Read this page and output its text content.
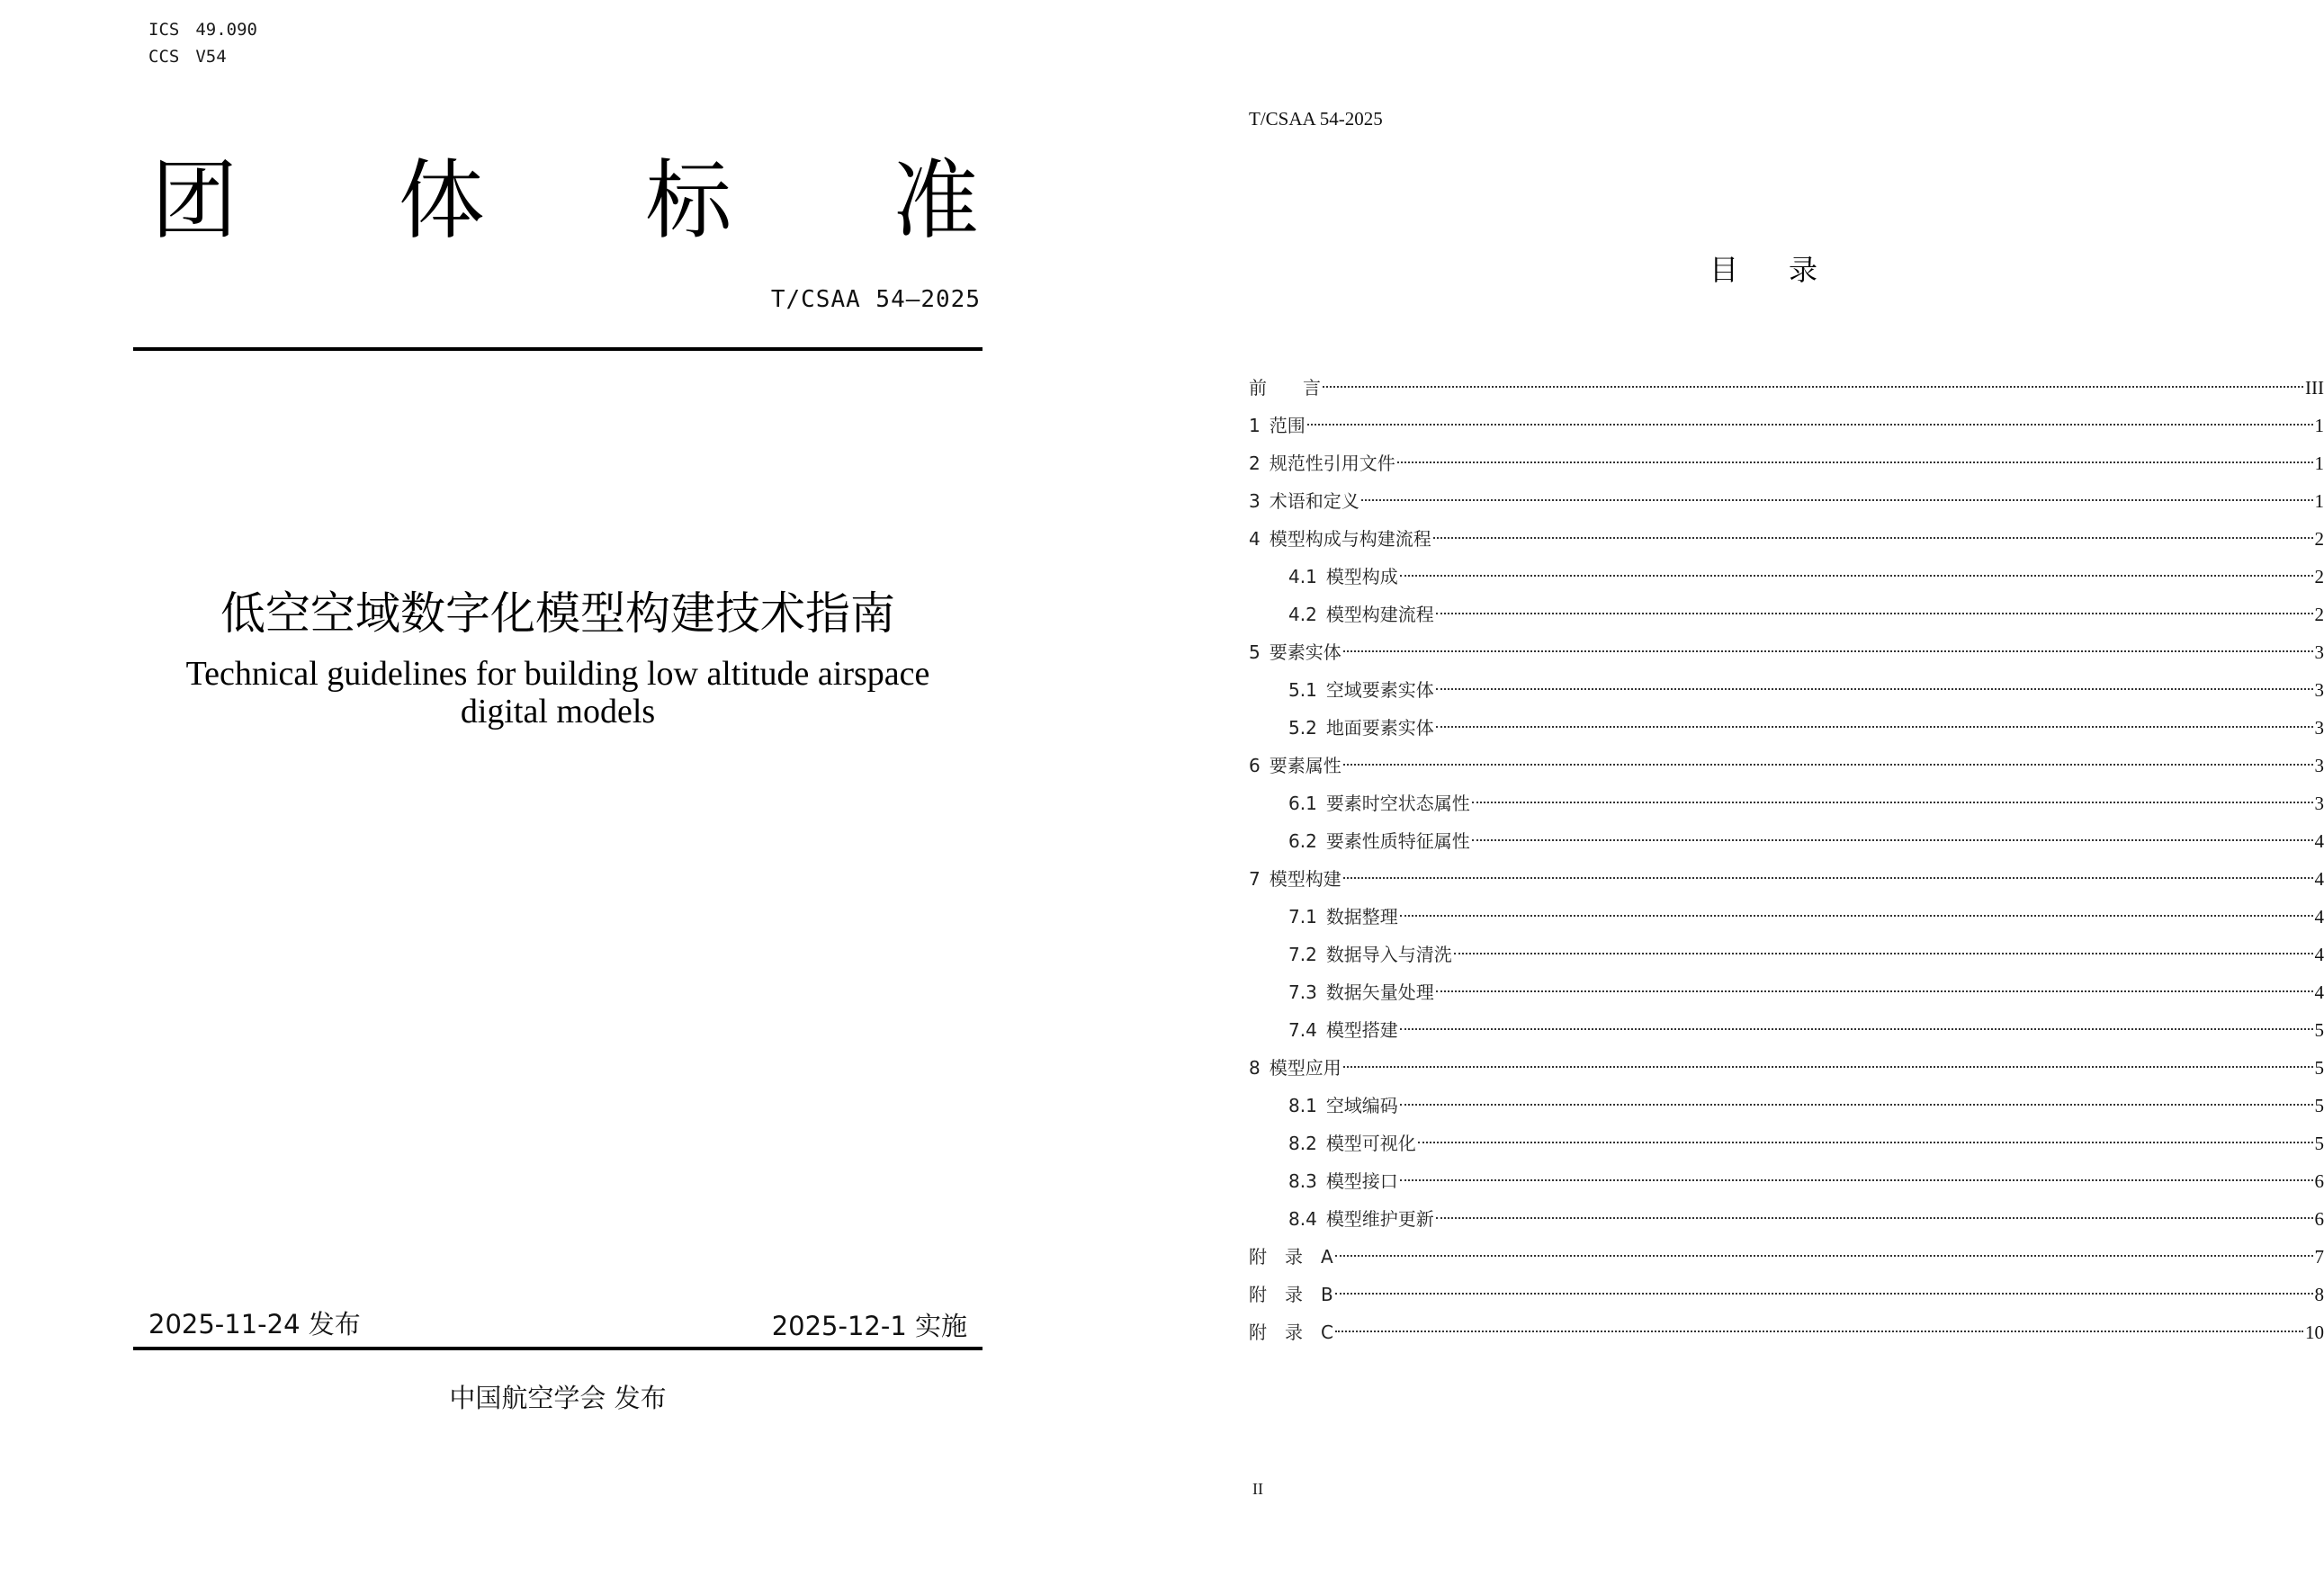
ICS 49.090
CCS V54
团 体 标 准
T/CSAA 54—2025
低空空域数字化模型构建技术指南
Technical guidelines for building low altitude airspace
digital models
2025-11-24 发布	2025-12-1 实施
中国航空学会 发布
T/CSAA 54-2025
目 录
前　　言	III
1 范围	1
2 规范性引用文件	1
3 术语和定义	1
4 模型构成与构建流程	2
4.1 模型构成	2
4.2 模型构建流程	2
5 要素实体	3
5.1 空域要素实体	3
5.2 地面要素实体	3
6 要素属性	3
6.1 要素时空状态属性	3
6.2 要素性质特征属性	4
7 模型构建	4
7.1 数据整理	4
7.2 数据导入与清洗	4
7.3 数据矢量处理	4
7.4 模型搭建	5
8 模型应用	5
8.1 空域编码	5
8.2 模型可视化	5
8.3 模型接口	6
8.4 模型维护更新	6
附 录 A	7
附 录 B	8
附 录 C	10
II
